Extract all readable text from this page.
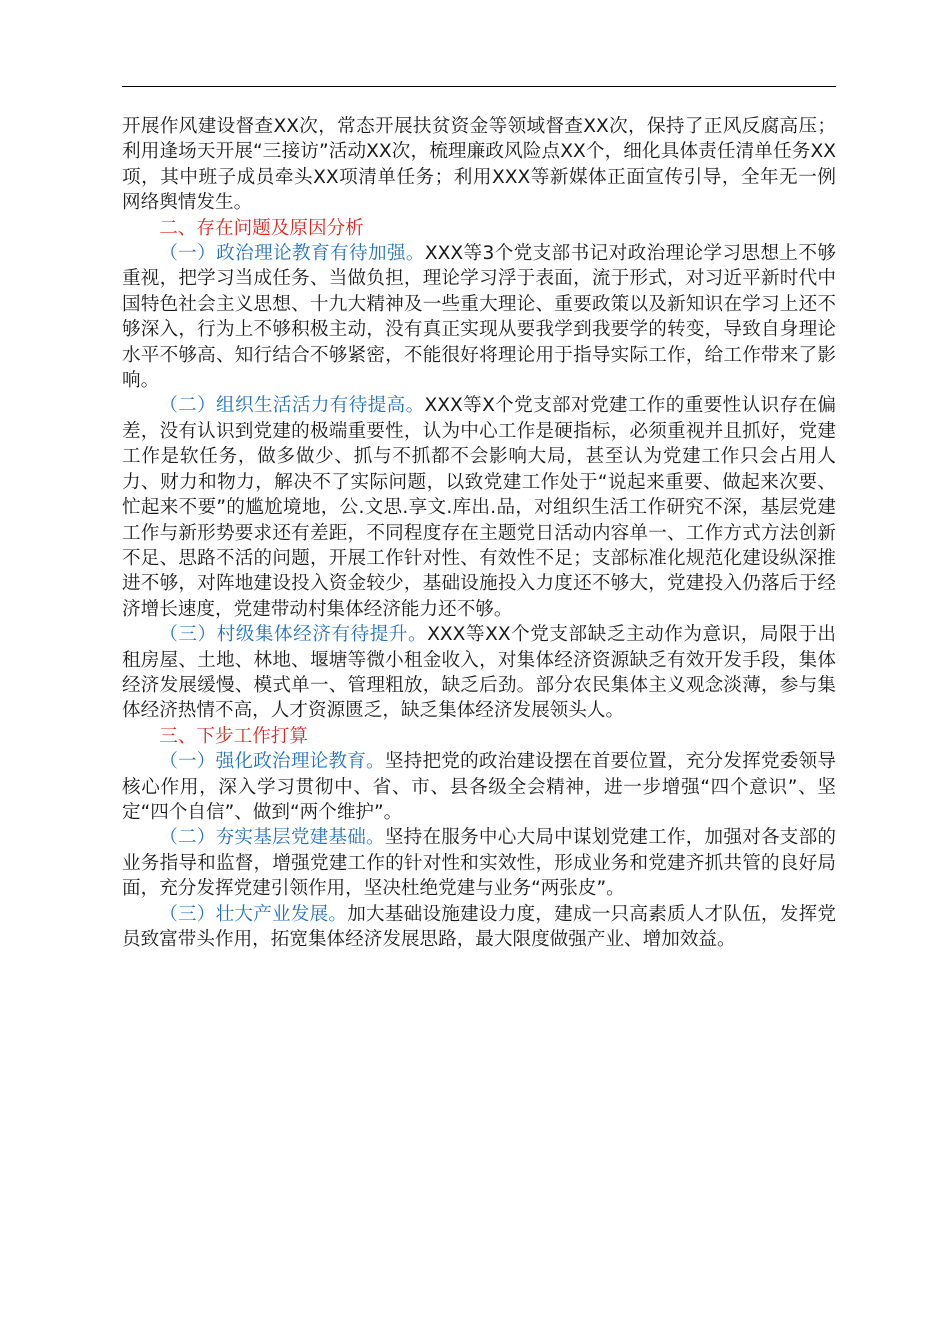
开展作风建设督查XX次，常态开展扶贫资金等领域督查XX次，保持了正风反腐高压；利用逢场天开展“三接访”活动XX次，梳理廉政风险点XX个，细化具体责任清单任务XX项，其中班子成员牵头XX项清单任务；利用XXX等新媒体正面宣传引导，全年无一例网络舆情发生。

二、存在问题及原因分析

（一）政治理论教育有待加强。XXX等3个党支部书记对政治理论学习思想上不够重视，把学习当成任务、当做负担，理论学习浮于表面，流于形式，对习近平新时代中国特色社会主义思想、十九大精神及一些重大理论、重要政策以及新知识在学习上还不够深入，行为上不够积极主动，没有真正实现从要我学到我要学的转变，导致自身理论水平不够高、知行结合不够紧密，不能很好将理论用于指导实际工作，给工作带来了影响。

（二）组织生活活力有待提高。XXX等X个党支部对党建工作的重要性认识存在偏差，没有认识到党建的极端重要性，认为中心工作是硬指标，必须重视并且抓好，党建工作是软任务，做多做少、抓与不抓都不会影响大局，甚至认为党建工作只会占用人力、财力和物力，解决不了实际问题，以致党建工作处于“说起来重要、做起来次要、忙起来不要”的尴尬境地，公.文思.享文.库出.品，对组织生活工作研究不深，基层党建工作与新形势要求还有差距，不同程度存在主题党日活动内容单一、工作方式方法创新不足、思路不活的问题，开展工作针对性、有效性不足；支部标准化规范化建设纵深推进不够，对阵地建设投入资金较少，基础设施投入力度还不够大，党建投入仍落后于经济增长速度，党建带动村集体经济能力还不够。

（三）村级集体经济有待提升。XXX等XX个党支部缺乏主动作为意识，局限于出租房屋、土地、林地、堰塘等微小租金收入，对集体经济资源缺乏有效开发手段，集体经济发展缓慢、模式单一、管理粗放，缺乏后劲。部分农民集体主义观念淡薄，参与集体经济热情不高，人才资源匮乏，缺乏集体经济发展领头人。

三、下步工作打算

（一）强化政治理论教育。坚持把党的政治建设摆在首要位置，充分发挥党委领导核心作用，深入学习贯彻中、省、市、县各级全会精神，进一步增强“四个意识”、坚定“四个自信”、做到“两个维护”。

（二）夯实基层党建基础。坚持在服务中心大局中谋划党建工作，加强对各支部的业务指导和监督，增强党建工作的针对性和实效性，形成业务和党建齐抓共管的良好局面，充分发挥党建引领作用，坚决杜绝党建与业务“两张皮”。

（三）壮大产业发展。加大基础设施建设力度，建成一只高素质人才队伍，发挥党员致富带头作用，拓宽集体经济发展思路，最大限度做强产业、增加效益。
